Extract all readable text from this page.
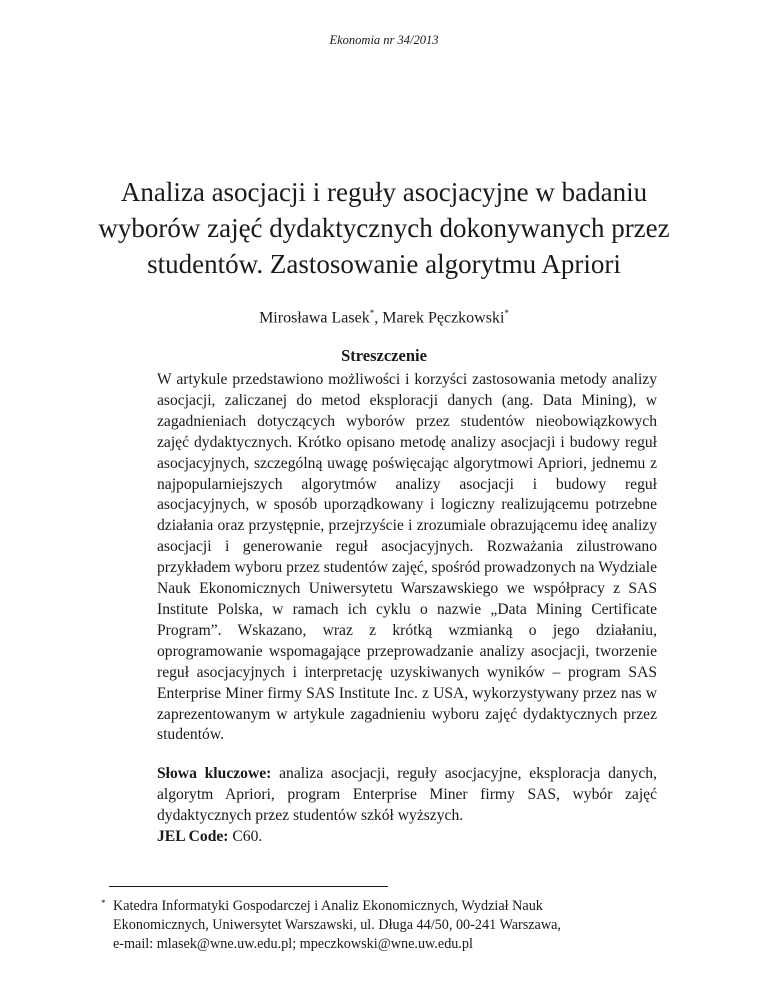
Ekonomia nr 34/2013
Analiza asocjacji i reguły asocjacyjne w badaniu wyborów zajęć dydaktycznych dokonywanych przez studentów. Zastosowanie algorytmu Apriori
Mirosława Lasek*, Marek Pęczkowski*
Streszczenie

W artykule przedstawiono możliwości i korzyści zastosowania metody analizy asocjacji, zaliczanej do metod eksploracji danych (ang. Data Mining), w zagadnieniach dotyczących wyborów przez studentów nieobowiązkowych zajęć dydaktycznych. Krótko opisano metodę analizy asocjacji i budowy reguł asocjacyjnych, szczególną uwagę poświęcając algorytmowi Apriori, jednemu z najpopularniejszych algorytmów analizy asocjacji i budowy reguł asocjacyjnych, w sposób uporządkowany i logiczny realizującemu potrzebne działania oraz przystępnie, przejrzyście i zrozumiale obrazującemu ideę analizy asocjacji i generowanie reguł asocjacyjnych. Rozważania zilustrowano przykładem wyboru przez studentów zajęć, spośród prowadzonych na Wydziale Nauk Ekonomicznych Uniwersytetu Warszawskiego we współpracy z SAS Institute Polska, w ramach ich cyklu o nazwie „Data Mining Certificate Program”. Wskazano, wraz z krótką wzmianką o jego działaniu, oprogramowanie wspomagające przeprowadzanie analizy asocjacji, tworzenie reguł asocjacyjnych i interpretację uzyskiwanych wyników – program SAS Enterprise Miner firmy SAS Institute Inc. z USA, wykorzystywany przez nas w zaprezentowanym w artykule zagadnieniu wyboru zajęć dydaktycznych przez studentów.

Słowa kluczowe: analiza asocjacji, reguły asocjacyjne, eksploracja danych, algorytm Apriori, program Enterprise Miner firmy SAS, wybór zajęć dydaktycznych przez studentów szkół wyższych.
JEL Code: C60.

* Katedra Informatyki Gospodarczej i Analiz Ekonomicznych, Wydział Nauk
Ekonomicznych, Uniwersytet Warszawski, ul. Długa 44/50, 00-241 Warszawa,
e-mail: mlasek@wne.uw.edu.pl; mpeczkowski@wne.uw.edu.pl
